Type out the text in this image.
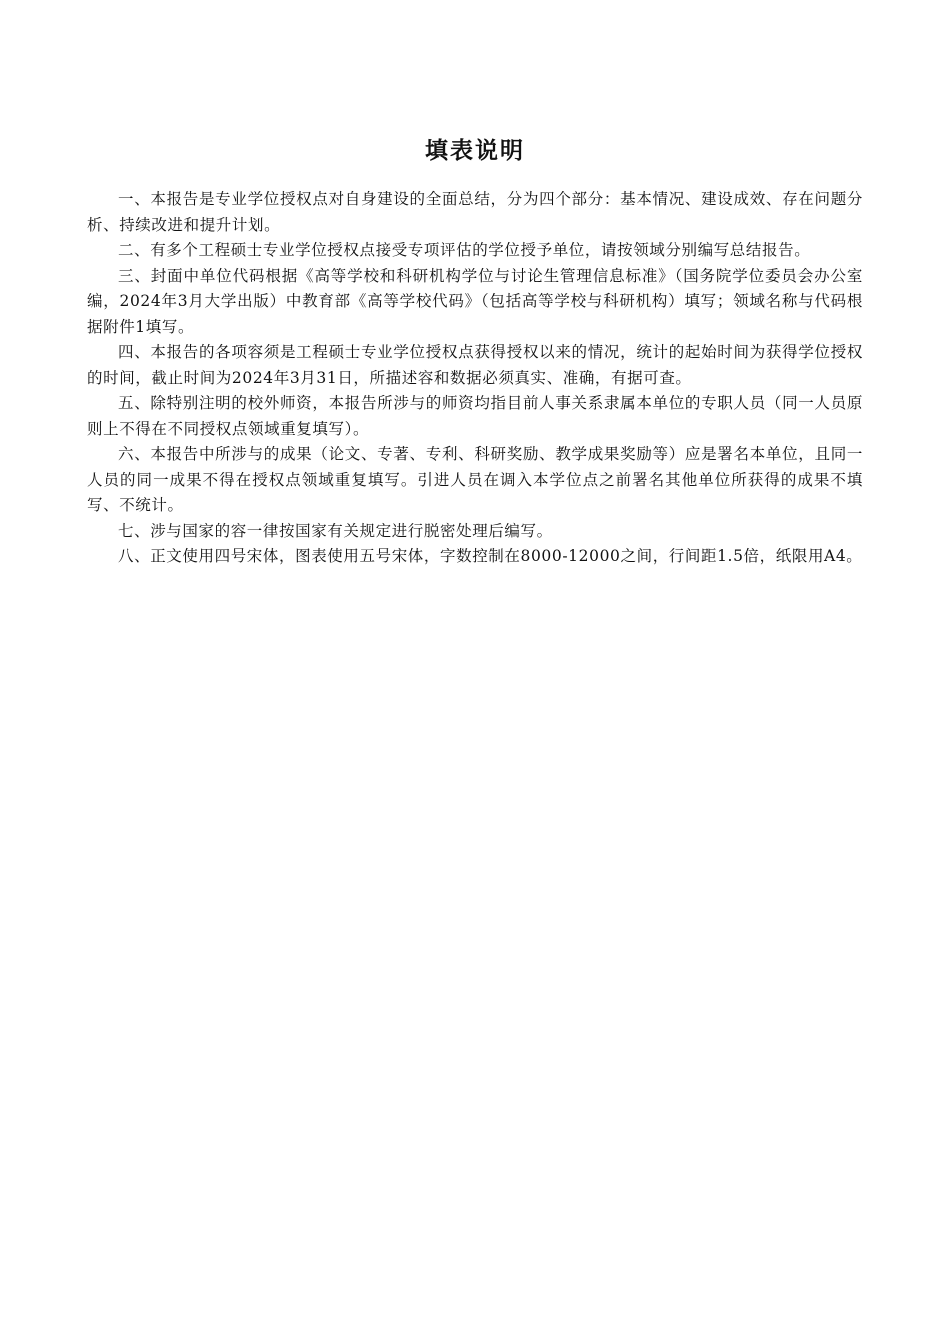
填表说明

一、本报告是专业学位授权点对自身建设的全面总结，分为四个部分：基本情况、建设成效、存在问题分析、持续改进和提升计划。

二、有多个工程硕士专业学位授权点接受专项评估的学位授予单位，请按领域分别编写总结报告。

三、封面中单位代码根据《高等学校和科研机构学位与讨论生管理信息标准》（国务院学位委员会办公室编，2024年3月大学出版）中教育部《高等学校代码》（包括高等学校与科研机构）填写；领域名称与代码根据附件1填写。

四、本报告的各项容须是工程硕士专业学位授权点获得授权以来的情况，统计的起始时间为获得学位授权的时间，截止时间为2024年3月31日，所描述容和数据必须真实、准确，有据可查。

五、除特别注明的校外师资，本报告所涉与的师资均指目前人事关系隶属本单位的专职人员（同一人员原则上不得在不同授权点领域重复填写）。

六、本报告中所涉与的成果（论文、专著、专利、科研奖励、教学成果奖励等）应是署名本单位，且同一人员的同一成果不得在授权点领域重复填写。引进人员在调入本学位点之前署名其他单位所获得的成果不填写、不统计。

七、涉与国家的容一律按国家有关规定进行脱密处理后编写。

八、正文使用四号宋体，图表使用五号宋体，字数控制在8000-12000之间，行间距1.5倍，纸限用A4。
